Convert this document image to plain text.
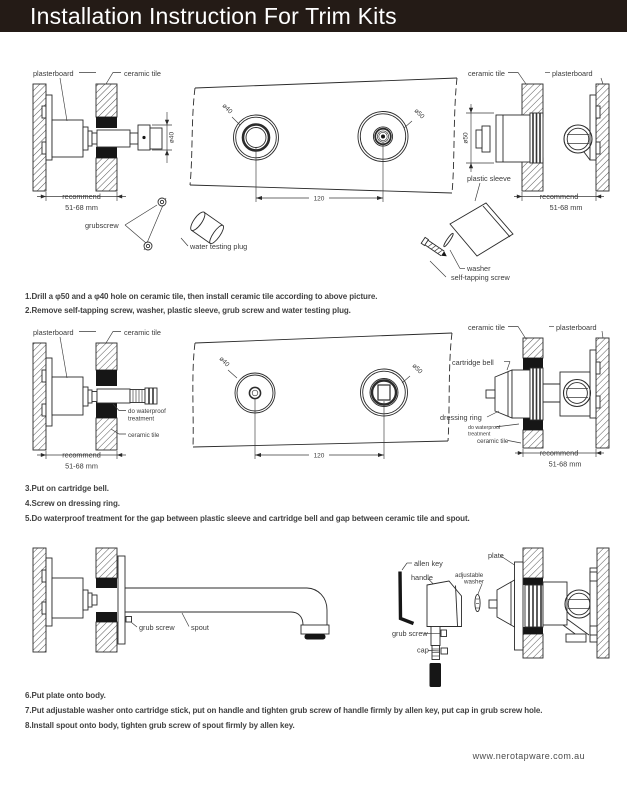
Installation Instruction For Trim Kits
plasterboard	ceramic tile
ø40
recommend
51-68 mm
grubscrew
water testing plug
ø40	ø50
120
ceramic tile	plasterboard
ø50
plastic sleeve
recommend
51-68 mm
washer
self-tapping screw
1.Drill a φ50 and a φ40 hole on ceramic tile, then install ceramic tile according to above picture.
2.Remove self-tapping screw, washer, plastic sleeve, grub screw and water testing plug.
plasterboard	ceramic tile
do waterproof
treatment
ceramic tile
recommend
51-68 mm
ø40
ø50
120
ceramic tile	plasterboard
cartridge bell
dressing ring
do waterproof
treatment
ceramic tile
recommend
51-68 mm
3.Put on cartridge bell.
4.Screw on dressing ring.
5.Do waterproof treatment for the gap between plastic sleeve and cartridge bell and gap between ceramic tile and spout.
grub screw spout
allen key
handle
grub screw
cap
adjustable
washer
plate
6.Put plate onto body.
7.Put adjustable washer onto cartridge stick, put on handle and tighten grub screw of handle firmly by allen key, put cap in grub screw hole.
8.Install spout onto body, tighten grub screw of spout firmly by allen key.
www.nerotapware.com.au
